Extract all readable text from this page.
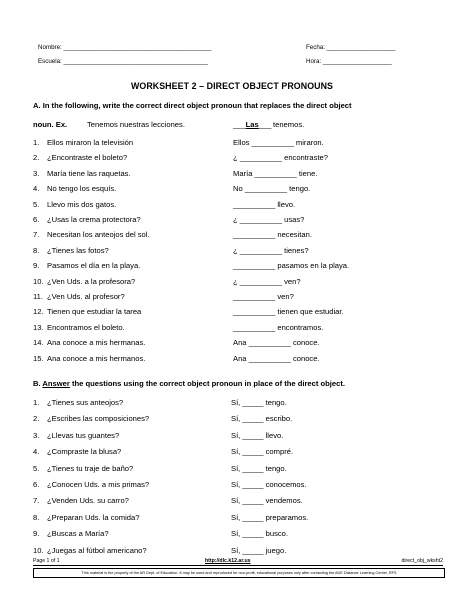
Nombre: ___________________________________________	Fecha: ____________________
Escuela: __________________________________________	Hora: ____________________
WORKSHEET 2 – DIRECT OBJECT PRONOUNS
A. In the following, write the correct direct object pronoun that replaces the direct object
noun. Ex.	Tenemos nuestras lecciones.	___Las___ tenemos.
1. Ellos miraron la televisión	Ellos __________ miraron.
2. ¿Encontraste el boleto?	¿ __________ encontraste?
3. María tiene las raquetas.	María __________ tiene.
4. No tengo los esquís.	No __________ tengo.
5. Llevo mis dos gatos.	__________ llevo.
6. ¿Usas la crema protectora?	¿ __________ usas?
7. Necesitan los anteojos del sol.	__________ necesitan.
8. ¿Tienes las fotos?	¿ __________ tienes?
9. Pasamos el día en la playa.	__________ pasamos en la playa.
10. ¿Ven Uds. a la profesora?	¿ __________ ven?
11. ¿Ven Uds. al profesor?	__________ ven?
12. Tienen que estudiar la tarea	__________ tienen que estudiar.
13. Encontramos el boleto.	__________ encontramos.
14. Ana conoce a mis hermanas.	Ana __________ conoce.
15. Ana conoce a mis hermanos.	Ana __________ conoce.
B. Answer the questions using the correct object pronoun in place of the direct object.
1. ¿Tienes sus anteojos?	Sí, _____ tengo.
2. ¿Escribes las composiciones?	Sí, _____ escribo.
3. ¿Llevas tus guantes?	Sí, _____ llevo.
4. ¿Compraste la blusa?	Sí, _____ compré.
5. ¿Tienes tu traje de baño?	Sí, _____ tengo.
6. ¿Conocen Uds. a mis primas?	Sí, _____ conocemos.
7. ¿Venden Uds. su carro?	Sí, _____ vendemos.
8. ¿Preparan Uds. la comida?	Sí, _____ preparamos.
9. ¿Buscas a María?	Sí, _____ busco.
10. ¿Juegas al fútbol americano?	Sí, _____ juego.
Page 1 of 1	http://dlc.k12.ar.us	direct_obj_wksht2
This material is the property of the AR Dept. of Education. It may be used and reproduced for non-profit, educational purposes only after contacting the ADE Distance Learning Center, RFS
